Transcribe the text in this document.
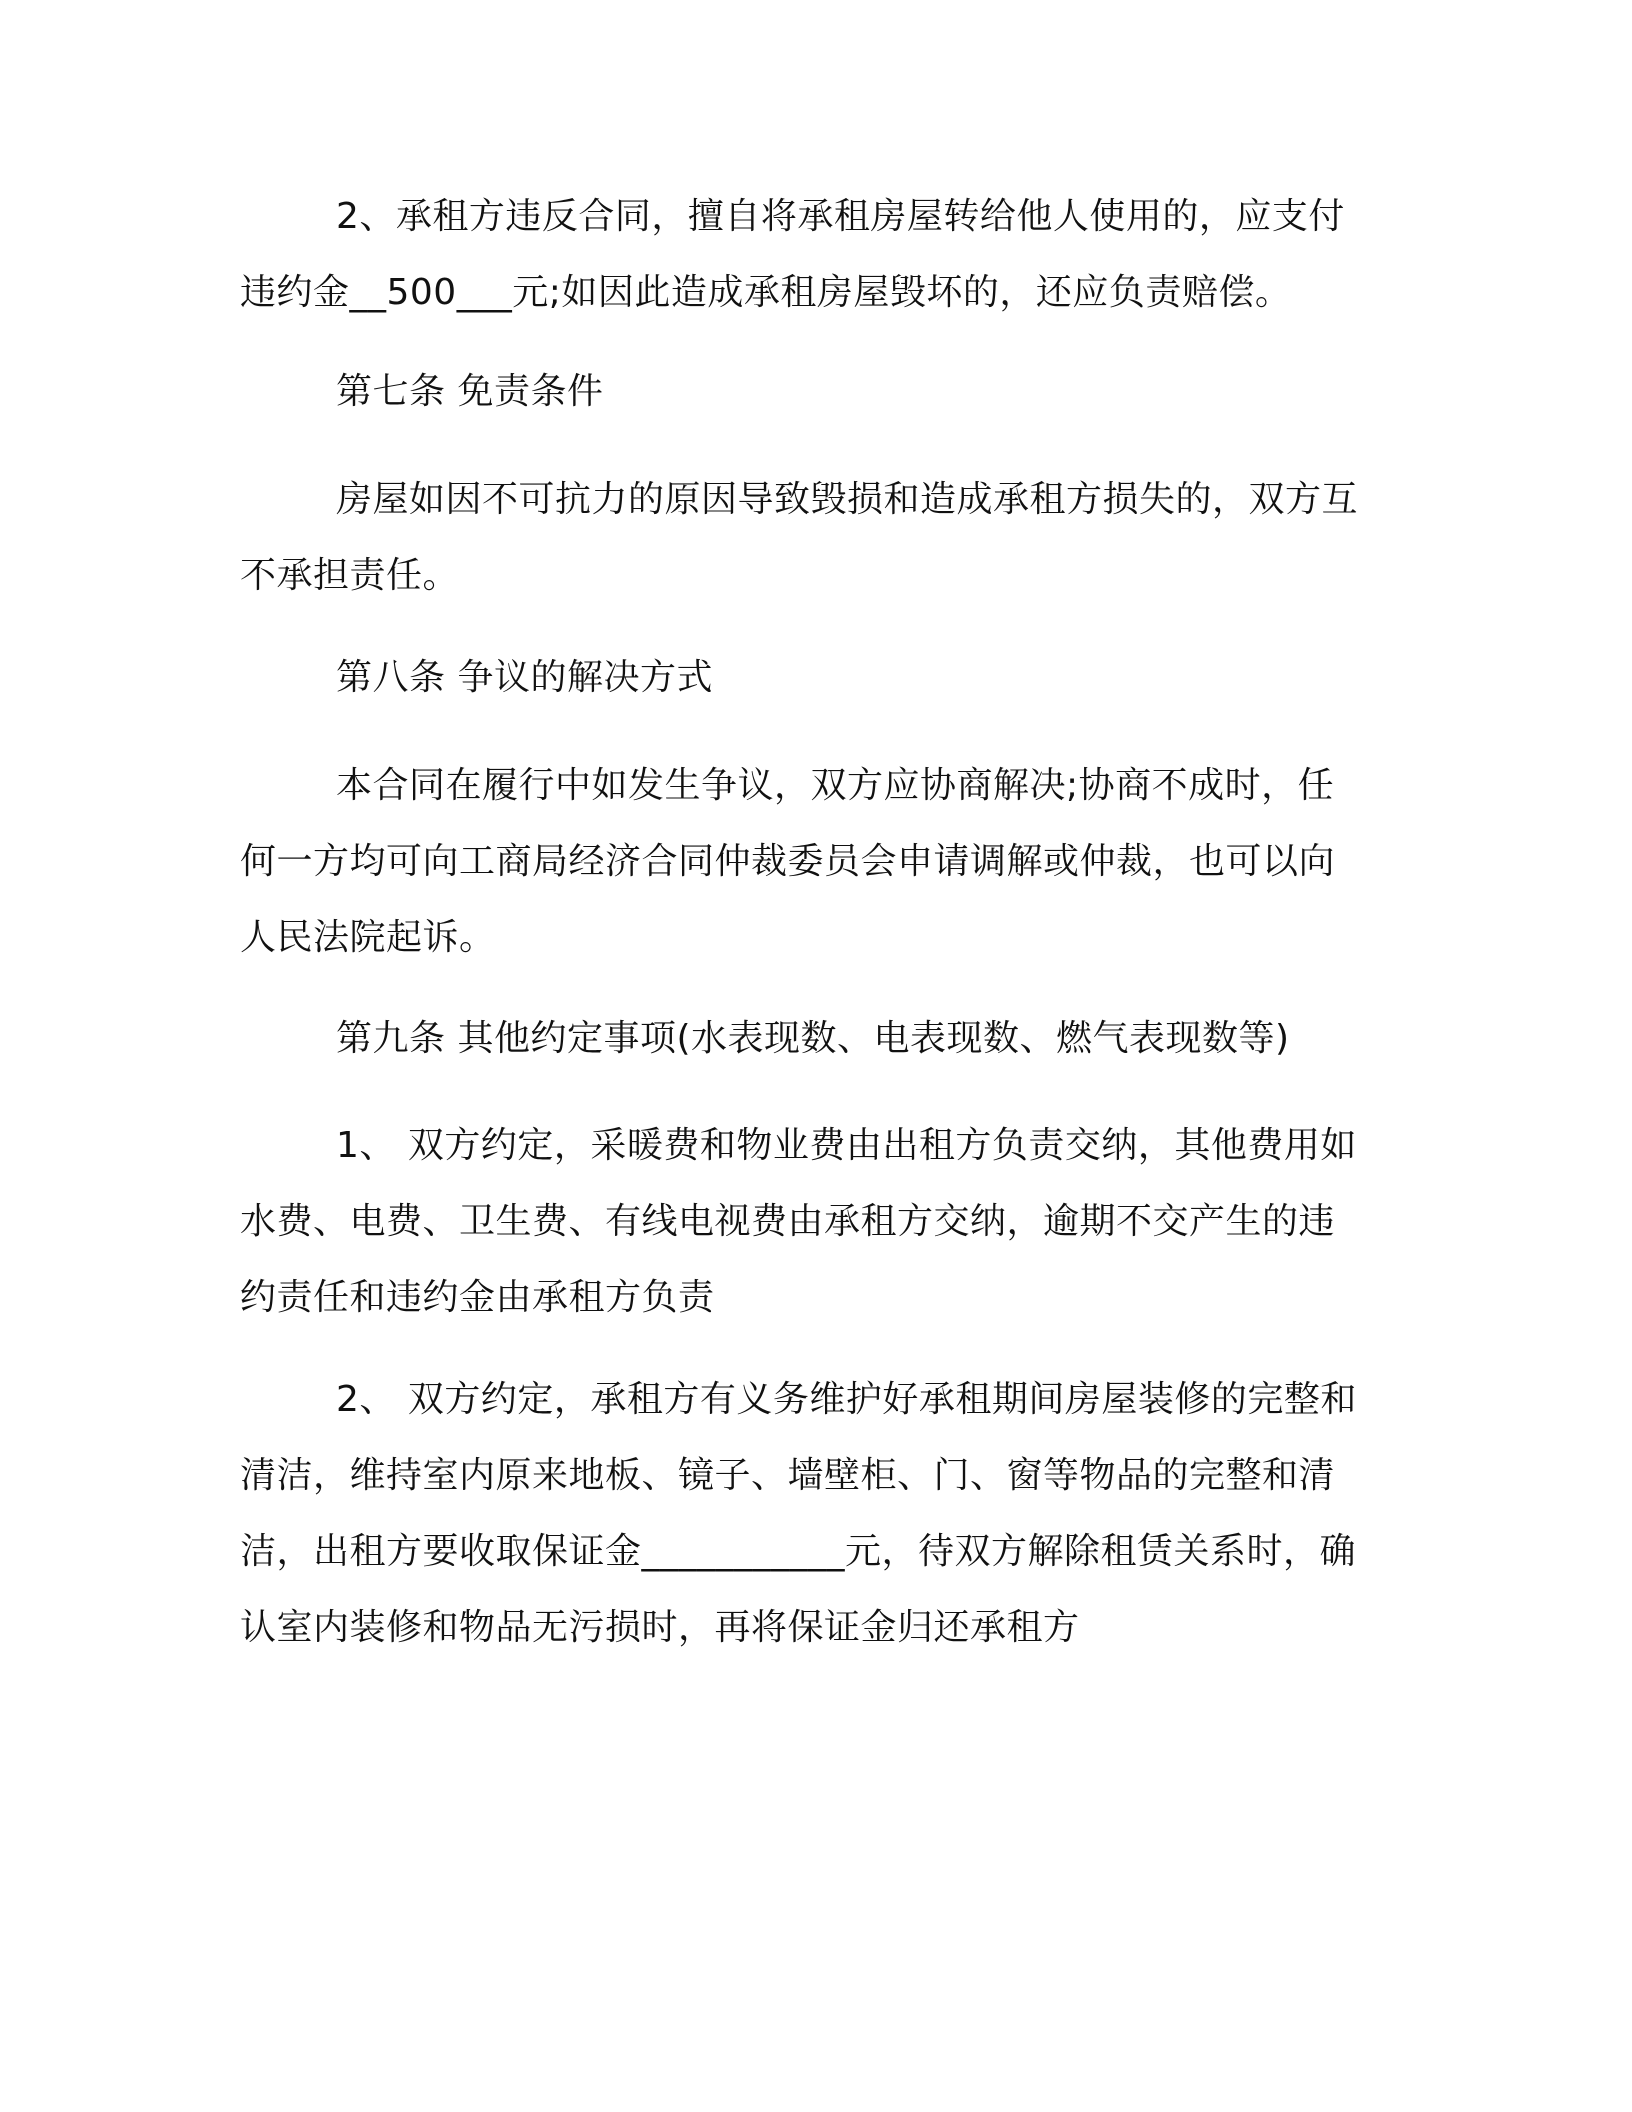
2、承租方违反合同，擅自将承租房屋转给他人使用的，应支付
违约金__500___元;如因此造成承租房屋毁坏的，还应负责赔偿。

第七条 免责条件

房屋如因不可抗力的原因导致毁损和造成承租方损失的，双方互
不承担责任。

第八条 争议的解决方式

本合同在履行中如发生争议，双方应协商解决;协商不成时，任
何一方均可向工商局经济合同仲裁委员会申请调解或仲裁，也可以向
人民法院起诉。

第九条 其他约定事项(水表现数、电表现数、燃气表现数等)

1、 双方约定，采暖费和物业费由出租方负责交纳，其他费用如
水费、电费、卫生费、有线电视费由承租方交纳，逾期不交产生的违
约责任和违约金由承租方负责

2、 双方约定，承租方有义务维护好承租期间房屋装修的完整和
清洁，维持室内原来地板、镜子、墙壁柜、门、窗等物品的完整和清
洁，出租方要收取保证金___________元，待双方解除租赁关系时，确
认室内装修和物品无污损时，再将保证金归还承租方
